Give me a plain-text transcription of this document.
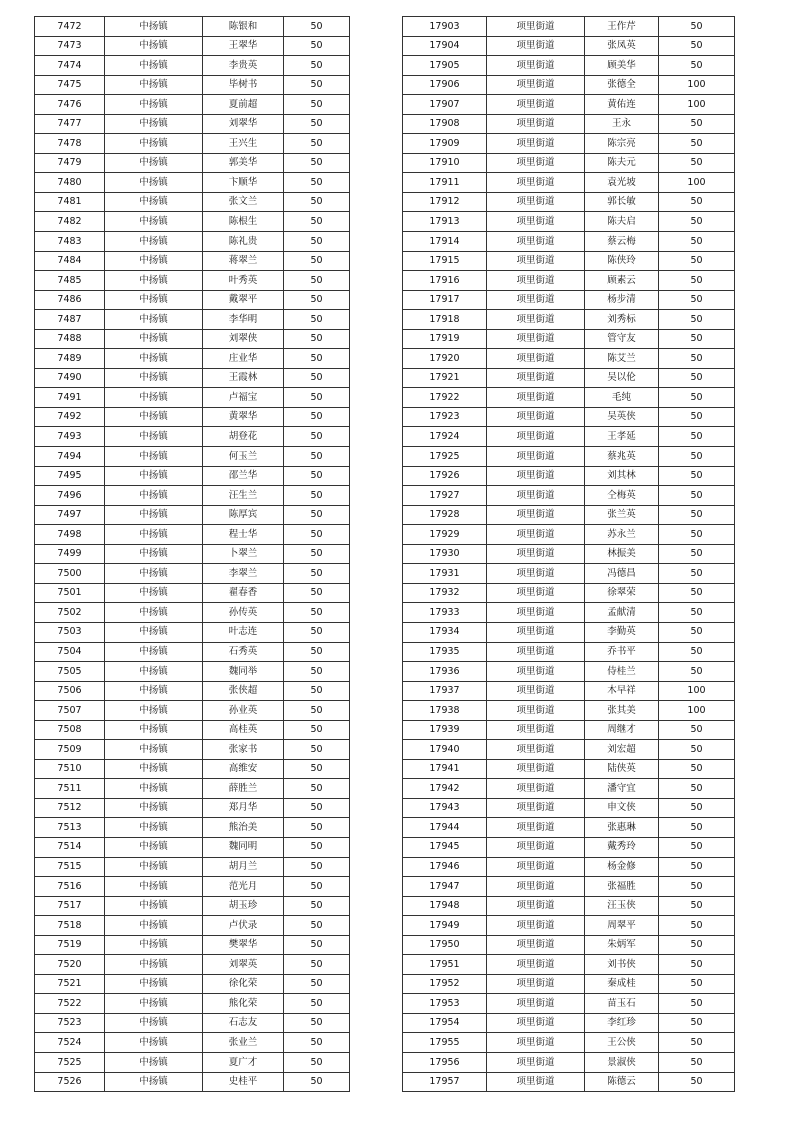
7472	中扬镇	陈银和	50
7473	中扬镇	王翠华	50
7474	中扬镇	李贵英	50
7475	中扬镇	毕树书	50
7476	中扬镇	夏前超	50
7477	中扬镇	刘翠华	50
7478	中扬镇	王兴生	50
7479	中扬镇	郭美华	50
7480	中扬镇	卞顺华	50
7481	中扬镇	张文兰	50
7482	中扬镇	陈根生	50
7483	中扬镇	陈礼贵	50
7484	中扬镇	蒋翠兰	50
7485	中扬镇	叶秀英	50
7486	中扬镇	戴翠平	50
7487	中扬镇	李华明	50
7488	中扬镇	刘翠侠	50
7489	中扬镇	庄业华	50
7490	中扬镇	王霞林	50
7491	中扬镇	卢福宝	50
7492	中扬镇	黄翠华	50
7493	中扬镇	胡登花	50
7494	中扬镇	何玉兰	50
7495	中扬镇	邵兰华	50
7496	中扬镇	汪生兰	50
7497	中扬镇	陈厚宾	50
7498	中扬镇	程士华	50
7499	中扬镇	卜翠兰	50
7500	中扬镇	李翠兰	50
7501	中扬镇	翟春香	50
7502	中扬镇	孙传英	50
7503	中扬镇	叶志连	50
7504	中扬镇	石秀英	50
7505	中扬镇	魏同举	50
7506	中扬镇	张侠超	50
7507	中扬镇	孙业英	50
7508	中扬镇	高桂英	50
7509	中扬镇	张家书	50
7510	中扬镇	高维安	50
7511	中扬镇	薛胜兰	50
7512	中扬镇	郑月华	50
7513	中扬镇	熊治美	50
7514	中扬镇	魏同明	50
7515	中扬镇	胡月兰	50
7516	中扬镇	范光月	50
7517	中扬镇	胡玉珍	50
7518	中扬镇	卢伏录	50
7519	中扬镇	樊翠华	50
7520	中扬镇	刘翠英	50
7521	中扬镇	徐化荣	50
7522	中扬镇	熊化荣	50
7523	中扬镇	石志友	50
7524	中扬镇	张业兰	50
7525	中扬镇	夏广才	50
7526	中扬镇	史桂平	50
17903	项里街道	王作芹	50
17904	项里街道	张凤英	50
17905	项里街道	顾美华	50
17906	项里街道	张德全	100
17907	项里街道	黄佑连	100
17908	项里街道	王永	50
17909	项里街道	陈宗亮	50
17910	项里街道	陈夫元	50
17911	项里街道	袁光坡	100
17912	项里街道	郭长敏	50
17913	项里街道	陈夫启	50
17914	项里街道	蔡云梅	50
17915	项里街道	陈侠玲	50
17916	项里街道	顾素云	50
17917	项里街道	杨步清	50
17918	项里街道	刘秀标	50
17919	项里街道	管守友	50
17920	项里街道	陈艾兰	50
17921	项里街道	吴以伦	50
17922	项里街道	毛纯	50
17923	项里街道	吴英侠	50
17924	项里街道	王孝延	50
17925	项里街道	蔡兆英	50
17926	项里街道	刘其林	50
17927	项里街道	仝梅英	50
17928	项里街道	张兰英	50
17929	项里街道	苏永兰	50
17930	项里街道	林振美	50
17931	项里街道	冯德昌	50
17932	项里街道	徐翠荣	50
17933	项里街道	孟献清	50
17934	项里街道	李勤英	50
17935	项里街道	乔书平	50
17936	项里街道	侍桂兰	50
17937	项里街道	木早祥	100
17938	项里街道	张其美	100
17939	项里街道	周继才	50
17940	项里街道	刘宏超	50
17941	项里街道	陆侠英	50
17942	项里街道	潘守宜	50
17943	项里街道	申文侠	50
17944	项里街道	张惠琳	50
17945	项里街道	戴秀玲	50
17946	项里街道	杨金修	50
17947	项里街道	张福胜	50
17948	项里街道	汪玉侠	50
17949	项里街道	周翠平	50
17950	项里街道	朱炳军	50
17951	项里街道	刘书侠	50
17952	项里街道	秦成桂	50
17953	项里街道	苗玉石	50
17954	项里街道	李红珍	50
17955	项里街道	王公侠	50
17956	项里街道	景淑侠	50
17957	项里街道	陈德云	50
